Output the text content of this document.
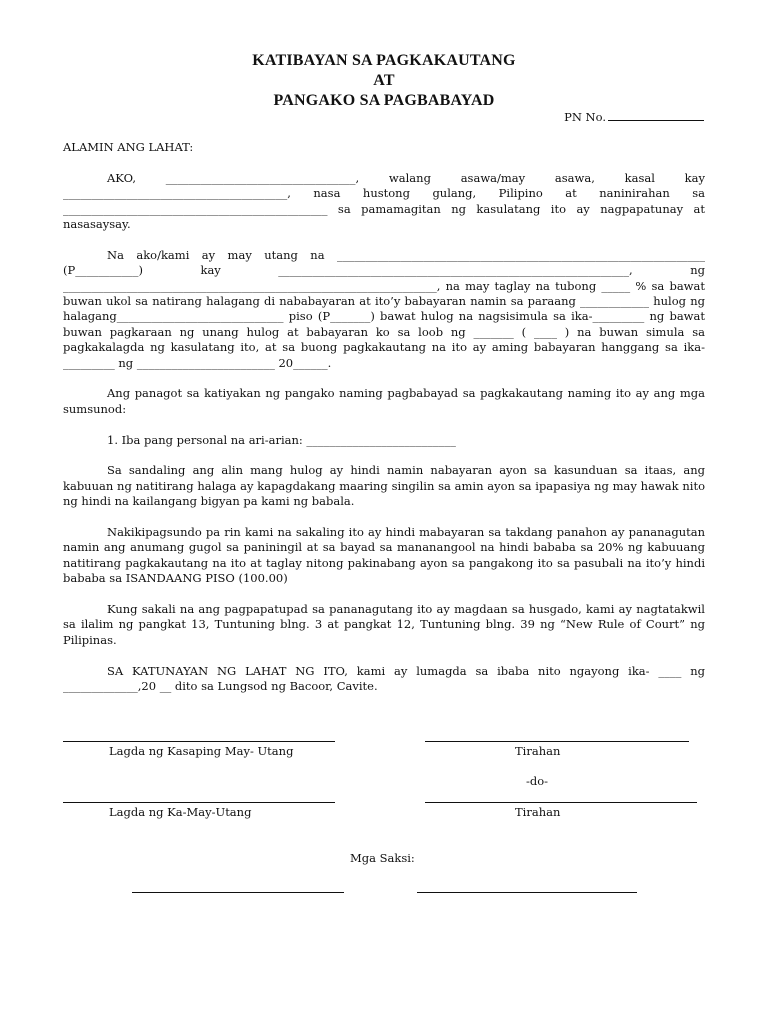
KATIBAYAN SA PAGKAKAUTANG
AT
PANGAKO SA PAGBABAYAD
PN No.

ALAMIN ANG LAHAT:

AKO, _________________________________, walang asawa/may asawa, kasal kay _______________________________________, nasa hustong gulang, Pilipino at naninirahan sa ______________________________________________ sa pamamagitan ng kasulatang ito ay nagpapatunay at nasasaysay.

Na ako/kami ay may utang na ________________________________________________________________ (P___________) kay _____________________________________________________________, ng _________________________________________________________________, na may taglay na tubong _____ % sa bawat buwan ukol sa natirang halagang di nababayaran at ito’y babayaran namin sa paraang ____________ hulog ng halagang_____________________________ piso (P_______) bawat hulog na nagsisimula sa ika-_________ ng bawat buwan pagkaraan ng unang hulog at babayaran ko sa loob ng _______ ( ____ ) na buwan simula sa pagkakalagda ng kasulatang ito, at sa buong pagkakautang na ito ay aming babayaran hanggang sa ika-_________ ng ________________________ 20______.

Ang panagot sa katiyakan ng pangako naming pagbabayad sa pagkakautang naming ito ay ang mga sumsunod:

1. Iba pang personal na ari-arian: __________________________

Sa sandaling ang alin mang hulog ay hindi namin nabayaran ayon sa kasunduan sa itaas, ang kabuuan ng natitirang halaga ay kapagdakang maaring singilin sa amin ayon sa ipapasiya ng may hawak nito ng hindi na kailangang bigyan pa kami ng babala.

Nakikipagsundo pa rin kami na sakaling ito ay hindi mabayaran sa takdang panahon ay pananagutan namin ang anumang gugol sa paniningil at sa bayad sa mananangool na hindi bababa sa 20% ng kabuuang natitirang pagkakautang na ito at taglay nitong pakinabang ayon sa pangakong ito sa pasubali na ito’y hindi bababa sa ISANDAANG PISO (100.00)

Kung sakali na ang pagpapatupad sa pananagutang ito ay magdaan sa husgado, kami ay nagtatakwil sa ilalim ng pangkat 13, Tuntuning blng. 3 at pangkat 12, Tuntuning blng. 39 ng “New Rule of Court” ng Pilipinas.

SA KATUNAYAN NG LAHAT NG ITO, kami ay lumagda sa ibaba nito ngayong ika- ____ ng _____________,20 __ dito sa Lungsod ng Bacoor, Cavite.

Lagda ng Kasaping May- Utang	Tirahan
-do-
Lagda ng Ka-May-Utang	Tirahan
Mga Saksi:
